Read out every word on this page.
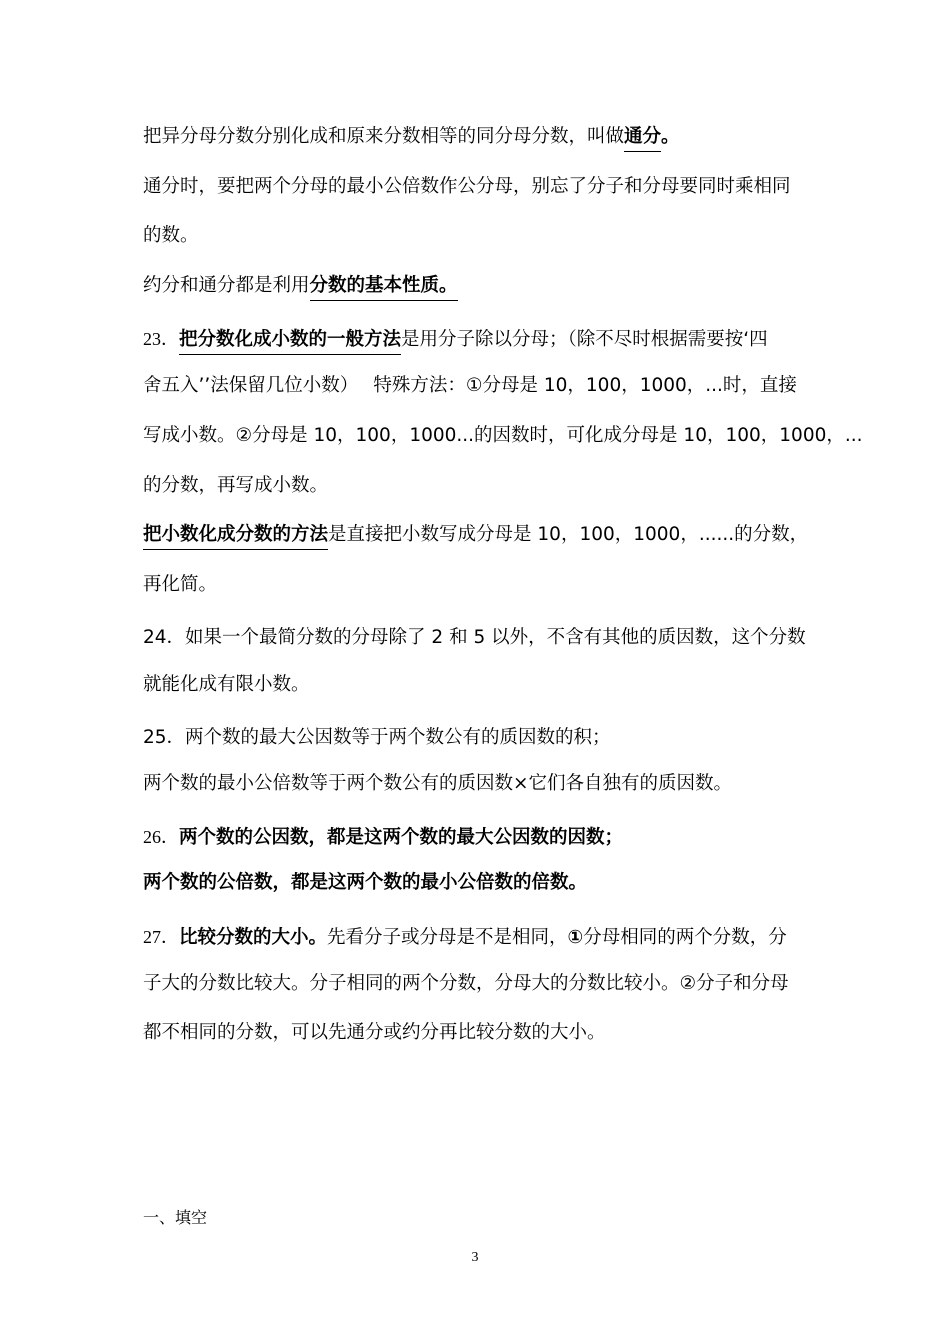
把异分母分数分别化成和原来分数相等的同分母分数，叫做通分。
通分时，要把两个分母的最小公倍数作公分母，别忘了分子和分母要同时乘相同
的数。
约分和通分都是利用分数的基本性质。
23．把分数化成小数的一般方法是用分子除以分母；（除不尽时根据需要按‘四
舍五入’’法保留几位小数）　 特殊方法：①分母是 10，100，1000，...时，直接
写成小数。②分母是 10，100，1000...的因数时，可化成分母是 10，100，1000，...
的分数，再写成小数。
把小数化成分数的方法是直接把小数写成分母是 10，100，1000，......的分数，
再化简。
24．如果一个最简分数的分母除了 2 和 5 以外，不含有其他的质因数，这个分数
就能化成有限小数。
25．两个数的最大公因数等于两个数公有的质因数的积；
两个数的最小公倍数等于两个数公有的质因数×它们各自独有的质因数。
26．两个数的公因数，都是这两个数的最大公因数的因数；
两个数的公倍数，都是这两个数的最小公倍数的倍数。
27．比较分数的大小。先看分子或分母是不是相同，①分母相同的两个分数，分
子大的分数比较大。分子相同的两个分数，分母大的分数比较小。②分子和分母
都不相同的分数，可以先通分或约分再比较分数的大小。
一、填空
3
